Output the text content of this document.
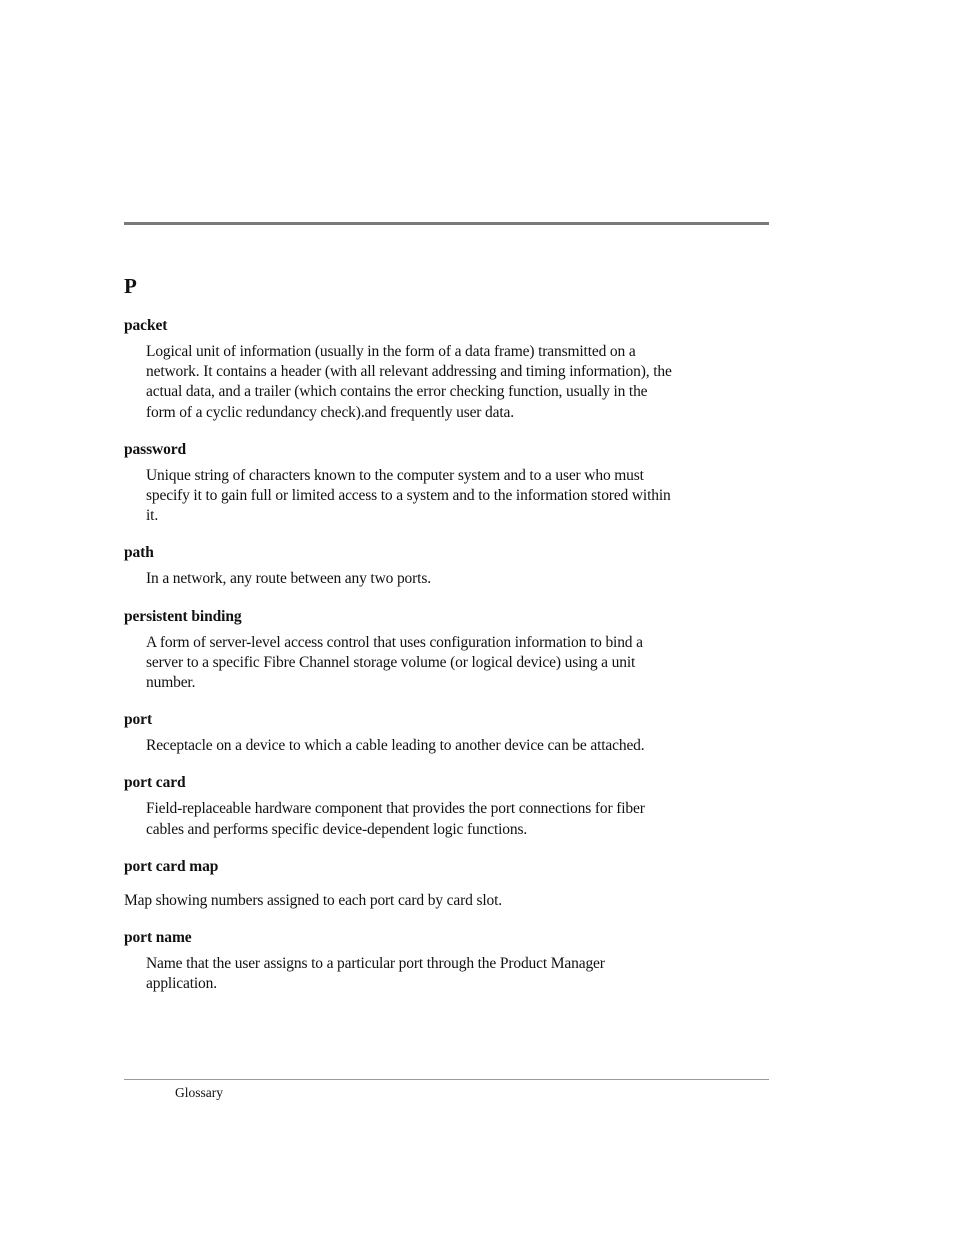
P
packet

Logical unit of information (usually in the form of a data frame) transmitted on a
network. It contains a header (with all relevant addressing and timing information), the
actual data, and a trailer (which contains the error checking function, usually in the
form of a cyclic redundancy check).and frequently user data.

password

Unique string of characters known to the computer system and to a user who must
specify it to gain full or limited access to a system and to the information stored within
it.

path

In a network, any route between any two ports.

persistent binding

A form of server-level access control that uses configuration information to bind a
server to a specific Fibre Channel storage volume (or logical device) using a unit
number.

port

Receptacle on a device to which a cable leading to another device can be attached.

port card

Field-replaceable hardware component that provides the port connections for fiber
cables and performs specific device-dependent logic functions.

port card map

Map showing numbers assigned to each port card by card slot.

port name

Name that the user assigns to a particular port through the Product Manager
application.

Glossary
